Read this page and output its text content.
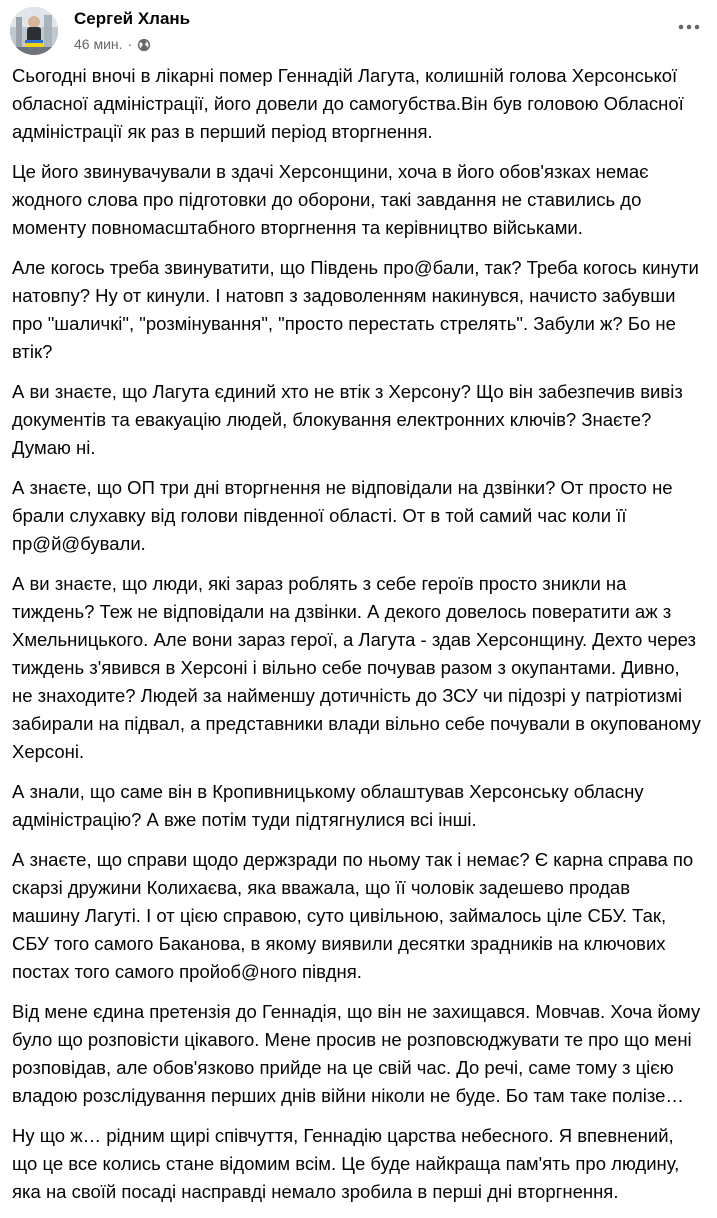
Сергей Хлань
46 мин. ·

Сьогодні вночі в лікарні помер Геннадій Лагута, колишній голова Херсонської обласної адміністрації, його довели до самогубства.Він був головою Обласної адміністрації як раз в перший період вторгнення.

Це його звинувачували в здачі Херсонщини, хоча в його обов'язках немає жодного слова про підготовки до оборони, такі завдання не ставились до моменту повномасштабного вторгнення та керівництво військами.

Але когось треба звинуватити, що Південь про@бали, так? Треба когось кинути натовпу? Ну от кинули. І натовп з задоволенням накинувся, начисто забувши про "шаличкі", "розмінування", "просто перестать стрелять". Забули ж? Бо не втік?

А ви знаєте, що Лагута єдиний хто не втік з Херсону? Що він забезпечив вивіз документів та евакуацію людей, блокування електронних ключів? Знаєте? Думаю ні.

А знаєте, що ОП три дні вторгнення не відповідали на дзвінки? От просто не брали слухавку від голови південної області. От в той самий час коли її пр@й@бували.

А ви знаєте, що люди, які зараз роблять з себе героїв просто зникли на тиждень? Теж не відповідали на дзвінки. А декого довелось повератити аж з Хмельницького. Але вони зараз герої, а Лагута - здав Херсонщину. Дехто через тиждень з'явився в Херсоні і вільно себе почував разом з окупантами. Дивно, не знаходите? Людей за найменшу дотичність до ЗСУ чи підозрі у патріотизмі забирали на підвал, а представники влади вільно себе почували в окупованому Херсоні.

А знали, що саме він в Кропивницькому облаштував Херсонську обласну адміністрацію? А вже потім туди підтягнулися всі інші.

А знаєте, що справи щодо держзради по ньому так і немає? Є карна справа по скарзі дружини Колихаєва, яка вважала, що її чоловік задешево продав машину Лагуті. І от цією справою, суто цивільною, займалось ціле СБУ. Так, СБУ того самого Баканова, в якому виявили десятки зрадників на ключових постах того самого пройоб@ного півдня.

Від мене єдина претензія до Геннадія, що він не захищався. Мовчав. Хоча йому було що розповісти цікавого. Мене просив не розповсюджувати те про що мені розповідав, але обов'язково прийде на це свій час. До речі, саме тому з цією владою розслідування перших днів війни ніколи не буде. Бо там таке полізе…

Ну що ж… рідним щирі співчуття, Геннадію царства небесного. Я впевнений, що це все колись стане відомим всім. Це буде найкраща пам'ять про людину, яка на своїй посаді насправді немало зробила в перші дні вторгнення.
